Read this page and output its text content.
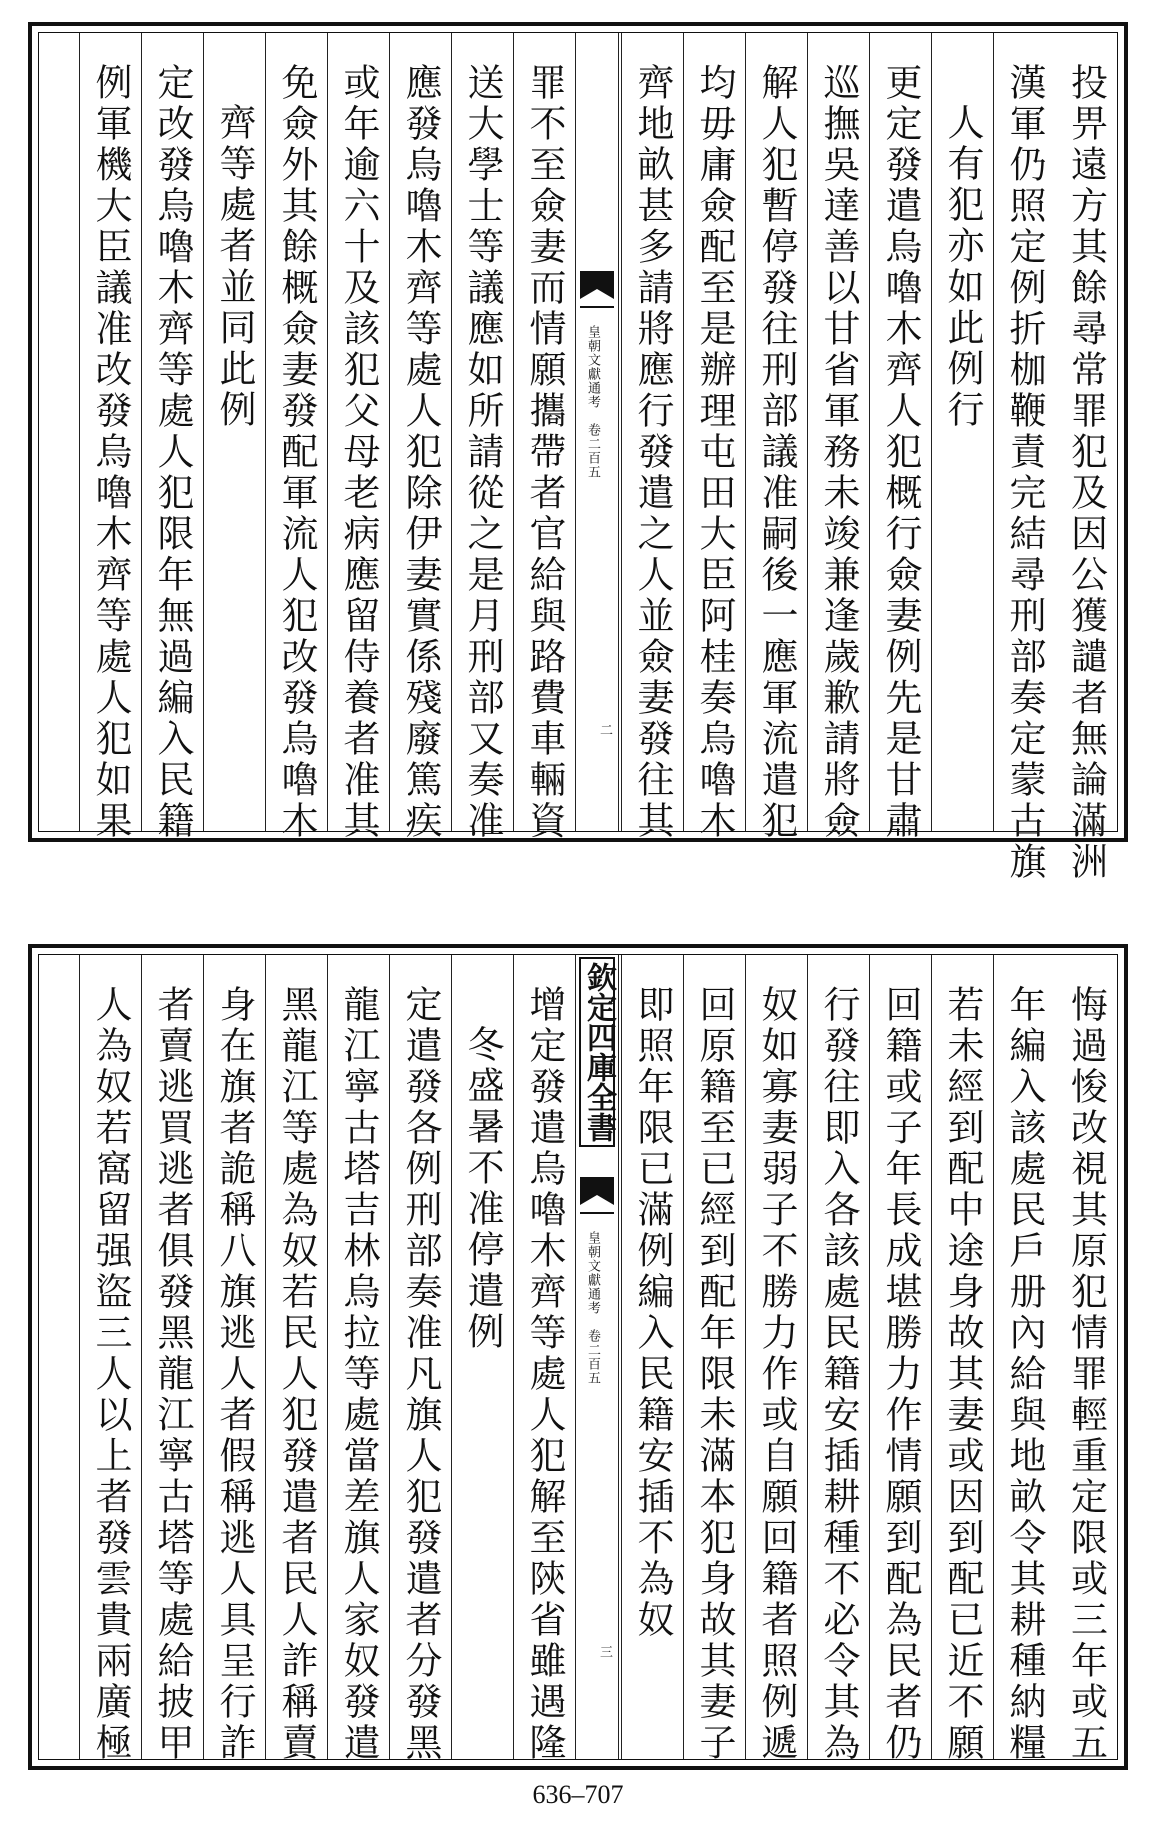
投畀遠方其餘尋常罪犯及因公獲譴者無論滿洲
漢軍仍照定例折枷鞭責完結尋刑部奏定蒙古旗
人有犯亦如此例行
更定發遣烏嚕木齊人犯概行僉妻例先是甘肅
巡撫吳達善以甘省軍務未竣兼逢歲歉請將僉
解人犯暫停發往刑部議准嗣後一應軍流遣犯
均毋庸僉配至是辦理屯田大臣阿桂奏烏嚕木
齊地畝甚多請將應行發遣之人並僉妻發往其
皇朝文獻通考　卷二百五
二
罪不至僉妻而情願攜帶者官給與路費車輛資
送大學士等議應如所請從之是月刑部又奏准
應發烏嚕木齊等處人犯除伊妻實係殘廢篤疾
或年逾六十及該犯父母老病應留侍養者准其
免僉外其餘概僉妻發配軍流人犯改發烏嚕木
齊等處者並同此例
定改發烏嚕木齊等處人犯限年無過編入民籍
例軍機大臣議准改發烏嚕木齊等處人犯如果
悔過悛改視其原犯情罪輕重定限或三年或五
年編入該處民戶册內給與地畝令其耕種納糧
若未經到配中途身故其妻或因到配已近不願
回籍或子年長成堪勝力作情願到配為民者仍
行發往即入各該處民籍安插耕種不必令其為
奴如寡妻弱子不勝力作或自願回籍者照例遞
回原籍至已經到配年限未滿本犯身故其妻子
即照年限已滿例編入民籍安插不為奴
欽定四庫全書
皇朝文獻通考　卷二百五
三
增定發遣烏嚕木齊等處人犯解至陝省雖遇隆
冬盛暑不准停遣例
定遣發各例刑部奏准凡旗人犯發遣者分發黑
龍江寧古塔吉林烏拉等處當差旗人家奴發遣
黑龍江等處為奴若民人犯發遣者民人詐稱賣
身在旗者詭稱八旗逃人者假稱逃人具呈行詐
者賣逃買逃者俱發黑龍江寧古塔等處給披甲
人為奴若窩留强盜三人以上者發雲貴兩廣極
636–707
